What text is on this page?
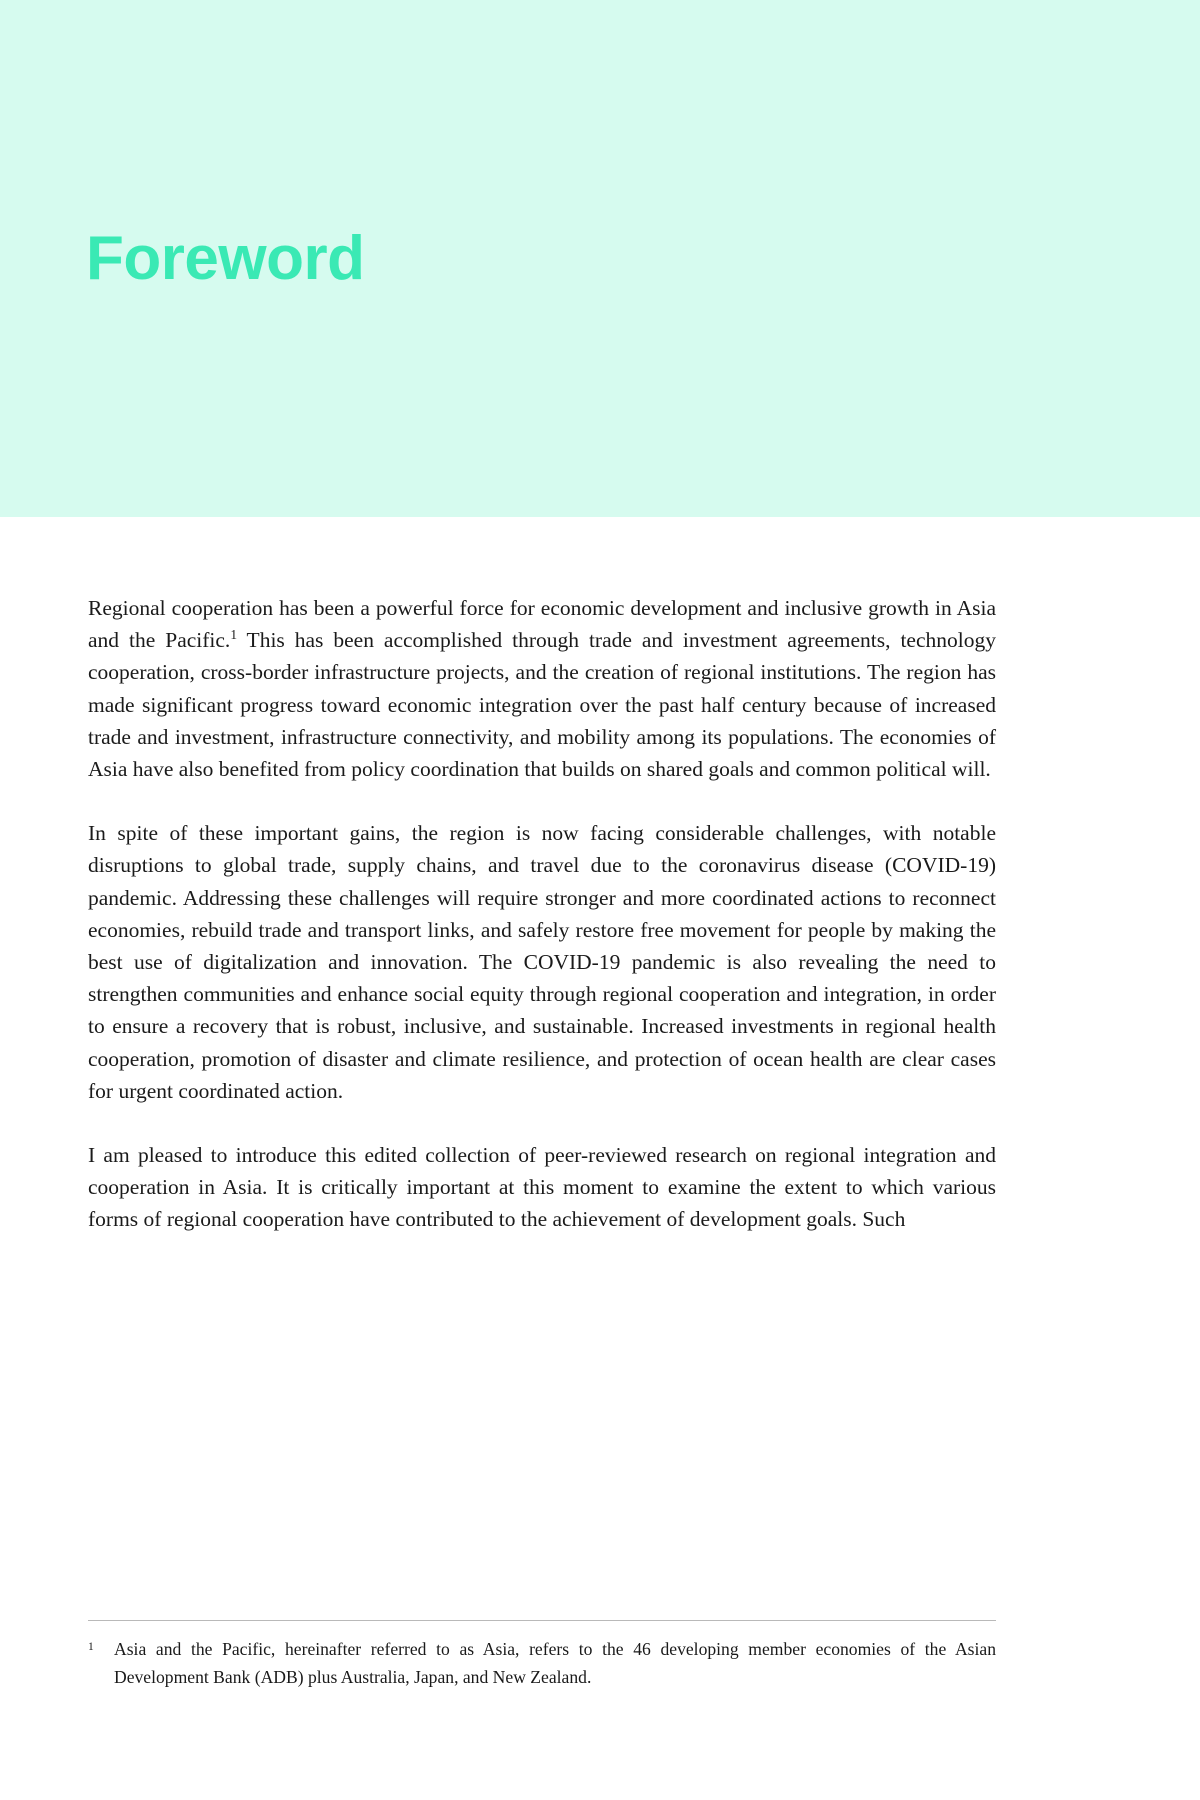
Foreword

Regional cooperation has been a powerful force for economic development and inclusive growth in Asia and the Pacific.$^1$ This has been accomplished through trade and investment agreements, technology cooperation, cross-border infrastructure projects, and the creation of regional institutions. The region has made significant progress toward economic integration over the past half century because of increased trade and investment, infrastructure connectivity, and mobility among its populations. The economies of Asia have also benefited from policy coordination that builds on shared goals and common political will.

In spite of these important gains, the region is now facing considerable challenges, with notable disruptions to global trade, supply chains, and travel due to the coronavirus disease (COVID-19) pandemic. Addressing these challenges will require stronger and more coordinated actions to reconnect economies, rebuild trade and transport links, and safely restore free movement for people by making the best use of digitalization and innovation. The COVID-19 pandemic is also revealing the need to strengthen communities and enhance social equity through regional cooperation and integration, in order to ensure a recovery that is robust, inclusive, and sustainable. Increased investments in regional health cooperation, promotion of disaster and climate resilience, and protection of ocean health are clear cases for urgent coordinated action.

I am pleased to introduce this edited collection of peer-reviewed research on regional integration and cooperation in Asia. It is critically important at this moment to examine the extent to which various forms of regional cooperation have contributed to the achievement of development goals. Such

1	Asia and the Pacific, hereinafter referred to as Asia, refers to the 46 developing member economies of the Asian Development Bank (ADB) plus Australia, Japan, and New Zealand.
